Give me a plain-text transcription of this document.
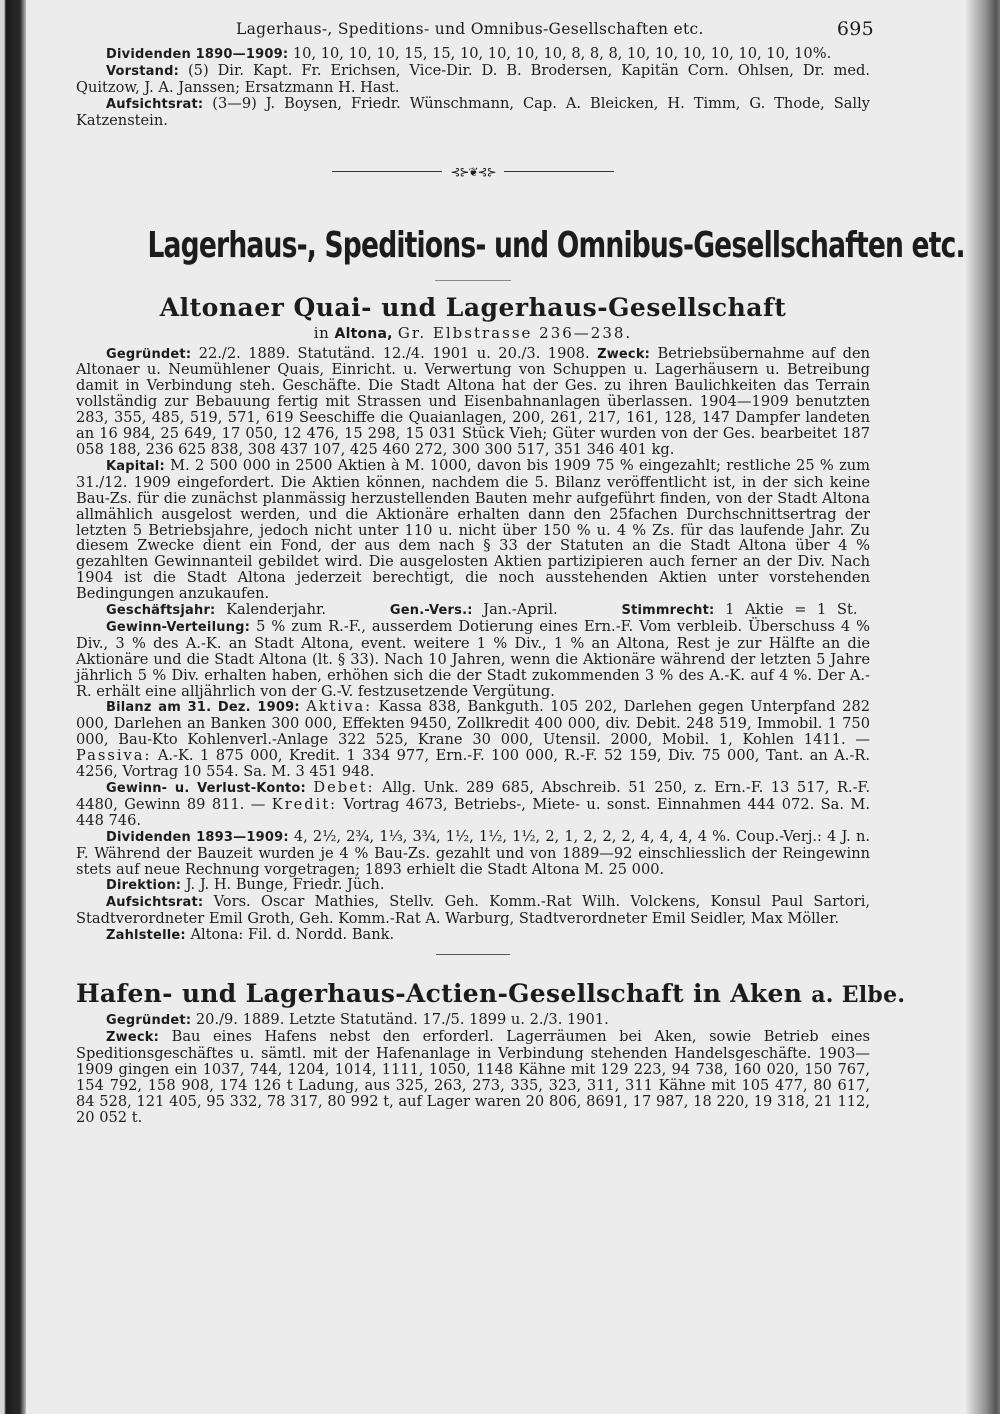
Lagerhaus-, Speditions- und Omnibus-Gesellschaften etc.	695

Dividenden 1890—1909: 10, 10, 10, 10, 15, 15, 10, 10, 10, 10, 8, 8, 8, 10, 10, 10, 10, 10, 10, 10%.

Vorstand: (5) Dir. Kapt. Fr. Erichsen, Vice-Dir. D. B. Brodersen, Kapitän Corn. Ohlsen, Dr. med. Quitzow, J. A. Janssen; Ersatzmann H. Hast.

Aufsichtsrat: (3—9) J. Boysen, Friedr. Wünschmann, Cap. A. Bleicken, H. Timm, G. Thode, Sally Katzenstein.

⊰⊱❦⊰⊱
Lagerhaus-, Speditions- und Omnibus-Gesellschaften etc.
Altonaer Quai- und Lagerhaus-Gesellschaft
in Altona, Gr. Elbstrasse 236—238.

Gegründet: 22./2. 1889. Statutänd. 12./4. 1901 u. 20./3. 1908. Zweck: Betriebsübernahme auf den Altonaer u. Neumühlener Quais, Einricht. u. Verwertung von Schuppen u. Lagerhäusern u. Betreibung damit in Verbindung steh. Geschäfte. Die Stadt Altona hat der Ges. zu ihren Baulichkeiten das Terrain vollständig zur Bebauung fertig mit Strassen und Eisenbahnanlagen überlassen. 1904—1909 benutzten 283, 355, 485, 519, 571, 619 Seeschiffe die Quaianlagen, 200, 261, 217, 161, 128, 147 Dampfer landeten an 16 984, 25 649, 17 050, 12 476, 15 298, 15 031 Stück Vieh; Güter wurden von der Ges. bearbeitet 187 058 188, 236 625 838, 308 437 107, 425 460 272, 300 300 517, 351 346 401 kg.

Kapital: M. 2 500 000 in 2500 Aktien à M. 1000, davon bis 1909 75 % eingezahlt; restliche 25 % zum 31./12. 1909 eingefordert. Die Aktien können, nachdem die 5. Bilanz veröffentlicht ist, in der sich keine Bau-Zs. für die zunächst planmässig herzustellenden Bauten mehr aufgeführt finden, von der Stadt Altona allmählich ausgelost werden, und die Aktionäre erhalten dann den 25fachen Durchschnittsertrag der letzten 5 Betriebsjahre, jedoch nicht unter 110 u. nicht über 150 % u. 4 % Zs. für das laufende Jahr. Zu diesem Zwecke dient ein Fond, der aus dem nach § 33 der Statuten an die Stadt Altona über 4 % gezahlten Gewinnanteil gebildet wird. Die ausgelosten Aktien partizipieren auch ferner an der Div. Nach 1904 ist die Stadt Altona jederzeit berechtigt, die noch ausstehenden Aktien unter vorstehenden Bedingungen anzukaufen.

Geschäftsjahr: Kalenderjahr.	Gen.-Vers.: Jan.-April.	Stimmrecht: 1 Aktie = 1 St.

Gewinn-Verteilung: 5 % zum R.-F., ausserdem Dotierung eines Ern.-F. Vom verbleib. Überschuss 4 % Div., 3 % des A.-K. an Stadt Altona, event. weitere 1 % Div., 1 % an Altona, Rest je zur Hälfte an die Aktionäre und die Stadt Altona (lt. § 33). Nach 10 Jahren, wenn die Aktionäre während der letzten 5 Jahre jährlich 5 % Div. erhalten haben, erhöhen sich die der Stadt zukommenden 3 % des A.-K. auf 4 %. Der A.-R. erhält eine alljährlich von der G.-V. festzusetzende Vergütung.

Bilanz am 31. Dez. 1909: Aktiva: Kassa 838, Bankguth. 105 202, Darlehen gegen Unterpfand 282 000, Darlehen an Banken 300 000, Effekten 9450, Zollkredit 400 000, div. Debit. 248 519, Immobil. 1 750 000, Bau-Kto Kohlenverl.-Anlage 322 525, Krane 30 000, Utensil. 2000, Mobil. 1, Kohlen 1411. — Passiva: A.-K. 1 875 000, Kredit. 1 334 977, Ern.-F. 100 000, R.-F. 52 159, Div. 75 000, Tant. an A.-R. 4256, Vortrag 10 554. Sa. M. 3 451 948.

Gewinn- u. Verlust-Konto: Debet: Allg. Unk. 289 685, Abschreib. 51 250, z. Ern.-F. 13 517, R.-F. 4480, Gewinn 89 811. — Kredit: Vortrag 4673, Betriebs-, Miete- u. sonst. Einnahmen 444 072. Sa. M. 448 746.

Dividenden 1893—1909: 4, 2½, 2¾, 1⅓, 3¾, 1½, 1½, 1½, 2, 1, 2, 2, 2, 4, 4, 4, 4 %. Coup.-Verj.: 4 J. n. F. Während der Bauzeit wurden je 4 % Bau-Zs. gezahlt und von 1889—92 einschliesslich der Reingewinn stets auf neue Rechnung vorgetragen; 1893 erhielt die Stadt Altona M. 25 000.

Direktion: J. J. H. Bunge, Friedr. Jüch.

Aufsichtsrat: Vors. Oscar Mathies, Stellv. Geh. Komm.-Rat Wilh. Volckens, Konsul Paul Sartori, Stadtverordneter Emil Groth, Geh. Komm.-Rat A. Warburg, Stadtverordneter Emil Seidler, Max Möller.

Zahlstelle: Altona: Fil. d. Nordd. Bank.

Hafen- und Lagerhaus-Actien-Gesellschaft in Aken a. Elbe.

Gegründet: 20./9. 1889. Letzte Statutänd. 17./5. 1899 u. 2./3. 1901.

Zweck: Bau eines Hafens nebst den erforderl. Lagerräumen bei Aken, sowie Betrieb eines Speditionsgeschäftes u. sämtl. mit der Hafenanlage in Verbindung stehenden Handelsgeschäfte. 1903—1909 gingen ein 1037, 744, 1204, 1014, 1111, 1050, 1148 Kähne mit 129 223, 94 738, 160 020, 150 767, 154 792, 158 908, 174 126 t Ladung, aus 325, 263, 273, 335, 323, 311, 311 Kähne mit 105 477, 80 617, 84 528, 121 405, 95 332, 78 317, 80 992 t, auf Lager waren 20 806, 8691, 17 987, 18 220, 19 318, 21 112, 20 052 t.
